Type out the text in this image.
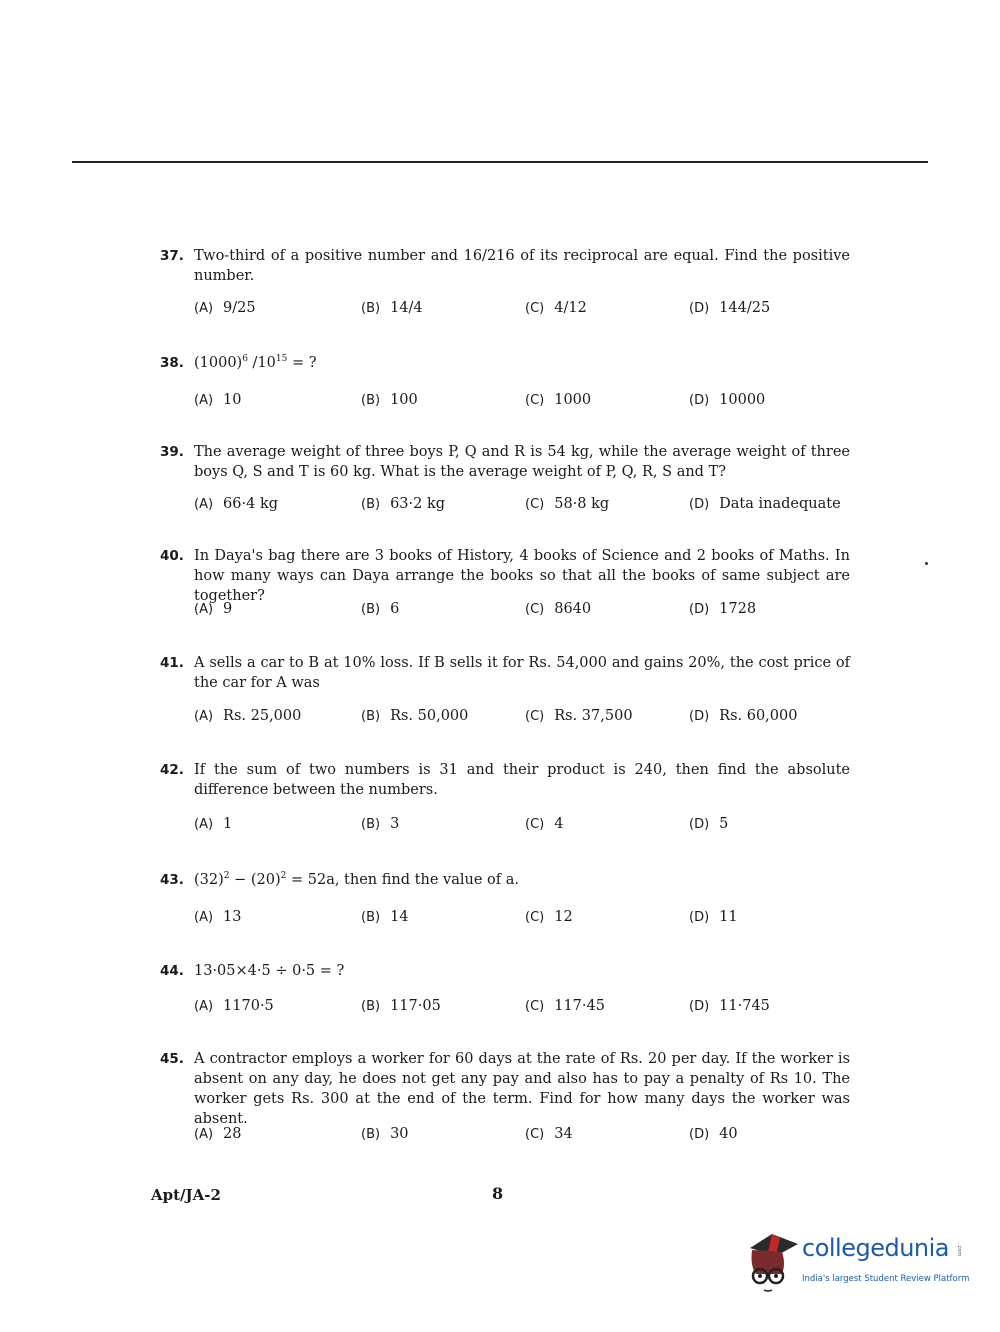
37. Two-third of a positive number and 16/216 of its reciprocal are equal. Find the positive number.
(A) 9/25	(B) 14/4	(C) 4/12	(D) 144/25
38. $(1000)^6$ $/10^{15}$ = ?
(A) 10	(B) 100	(C) 1000	(D) 10000
39. The average weight of three boys P, Q and R is 54 kg, while the average weight of three boys Q, S and T is 60 kg. What is the average weight of P, Q, R, S and T?
(A) 66·4 kg	(B) 63·2 kg	(C) 58·8 kg	(D) Data inadequate
40. In Daya's bag there are 3 books of History, 4 books of Science and 2 books of Maths. In how many ways can Daya arrange the books so that all the books of same subject are together?
(A) 9	(B) 6	(C) 8640	(D) 1728
41. A sells a car to B at 10% loss. If B sells it for Rs. 54,000 and gains 20%, the cost price of the car for A was
(A) Rs. 25,000	(B) Rs. 50,000	(C) Rs. 37,500	(D) Rs. 60,000
42. If the sum of two numbers is 31 and their product is 240, then find the absolute difference between the numbers.
(A) 1	(B) 3	(C) 4	(D) 5
43. $(32)^2 - (20)^2 = 52a$, then find the value of a.
(A) 13	(B) 14	(C) 12	(D) 11
44. 13·05×4·5 ÷ 0·5 = ?
(A) 1170·5	(B) 117·05	(C) 117·45	(D) 11·745
45. A contractor employs a worker for 60 days at the rate of Rs. 20 per day. If the worker is absent on any day, he does not get any pay and also has to pay a penalty of Rs 10. The worker gets Rs. 300 at the end of the term. Find for how many days the worker was absent.
(A) 28	(B) 30	(C) 34	(D) 40
Apt/JA-2	8
collegedunia .com
India's largest Student Review Platform
